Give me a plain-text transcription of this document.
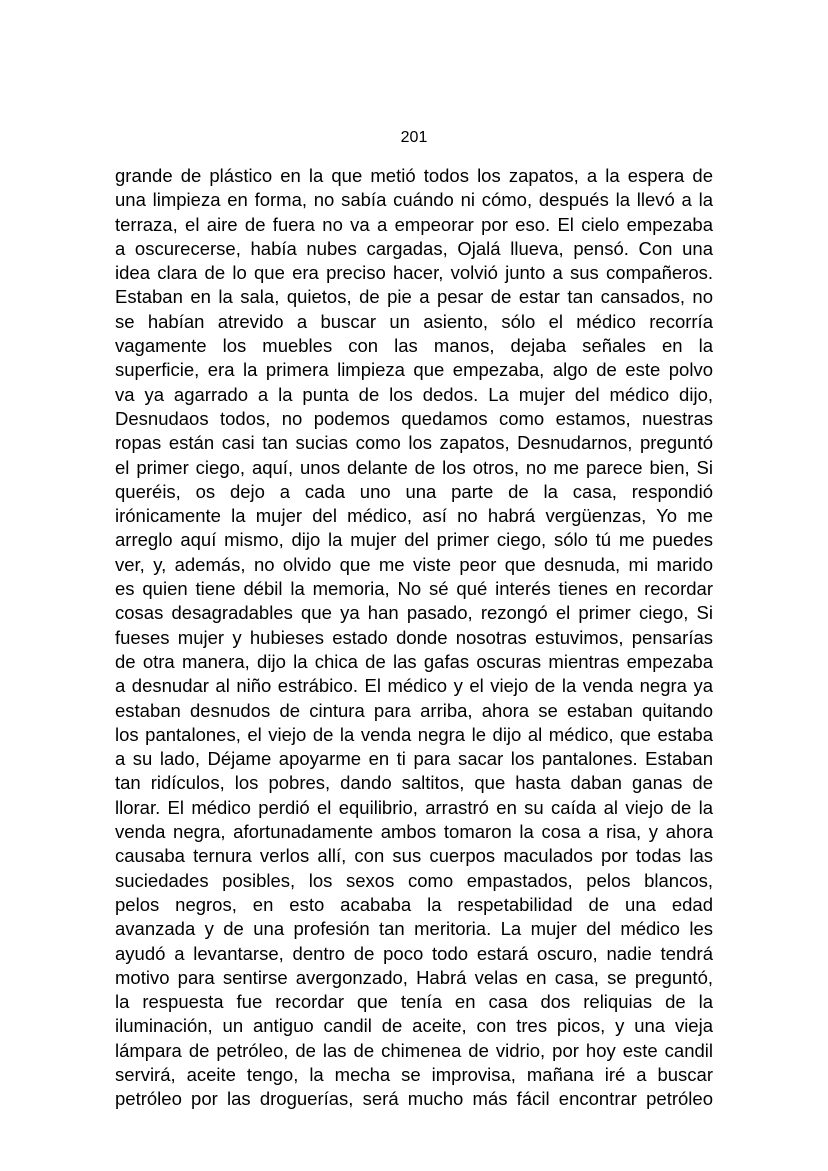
201
grande de plástico en la que metió todos los zapatos, a la espera de
una limpieza en forma, no sabía cuándo ni cómo, después la llevó a la
terraza, el aire de fuera no va a empeorar por eso. El cielo empezaba
a oscurecerse, había nubes cargadas, Ojalá llueva, pensó. Con una
idea clara de lo que era preciso hacer, volvió junto a sus compañeros.
Estaban en la sala, quietos, de pie a pesar de estar tan cansados, no
se habían atrevido a buscar un asiento, sólo el médico recorría
vagamente los muebles con las manos, dejaba señales en la
superficie, era la primera limpieza que empezaba, algo de este polvo
va ya agarrado a la punta de los dedos. La mujer del médico dijo,
Desnudaos todos, no podemos quedamos como estamos, nuestras
ropas están casi tan sucias como los zapatos, Desnudarnos, preguntó
el primer ciego, aquí, unos delante de los otros, no me parece bien, Si
queréis, os dejo a cada uno una parte de la casa, respondió
irónicamente la mujer del médico, así no habrá vergüenzas, Yo me
arreglo aquí mismo, dijo la mujer del primer ciego, sólo tú me puedes
ver, y, además, no olvido que me viste peor que desnuda, mi marido
es quien tiene débil la memoria, No sé qué interés tienes en recordar
cosas desagradables que ya han pasado, rezongó el primer ciego, Si
fueses mujer y hubieses estado donde nosotras estuvimos, pensarías
de otra manera, dijo la chica de las gafas oscuras mientras empezaba
a desnudar al niño estrábico. El médico y el viejo de la venda negra ya
estaban desnudos de cintura para arriba, ahora se estaban quitando
los pantalones, el viejo de la venda negra le dijo al médico, que estaba
a su lado, Déjame apoyarme en ti para sacar los pantalones. Estaban
tan ridículos, los pobres, dando saltitos, que hasta daban ganas de
llorar. El médico perdió el equilibrio, arrastró en su caída al viejo de la
venda negra, afortunadamente ambos tomaron la cosa a risa, y ahora
causaba ternura verlos allí, con sus cuerpos maculados por todas las
suciedades posibles, los sexos como empastados, pelos blancos,
pelos negros, en esto acababa la respetabilidad de una edad
avanzada y de una profesión tan meritoria. La mujer del médico les
ayudó a levantarse, dentro de poco todo estará oscuro, nadie tendrá
motivo para sentirse avergonzado, Habrá velas en casa, se preguntó,
la respuesta fue recordar que tenía en casa dos reliquias de la
iluminación, un antiguo candil de aceite, con tres picos, y una vieja
lámpara de petróleo, de las de chimenea de vidrio, por hoy este candil
servirá, aceite tengo, la mecha se improvisa, mañana iré a buscar
petróleo por las droguerías, será mucho más fácil encontrar petróleo
